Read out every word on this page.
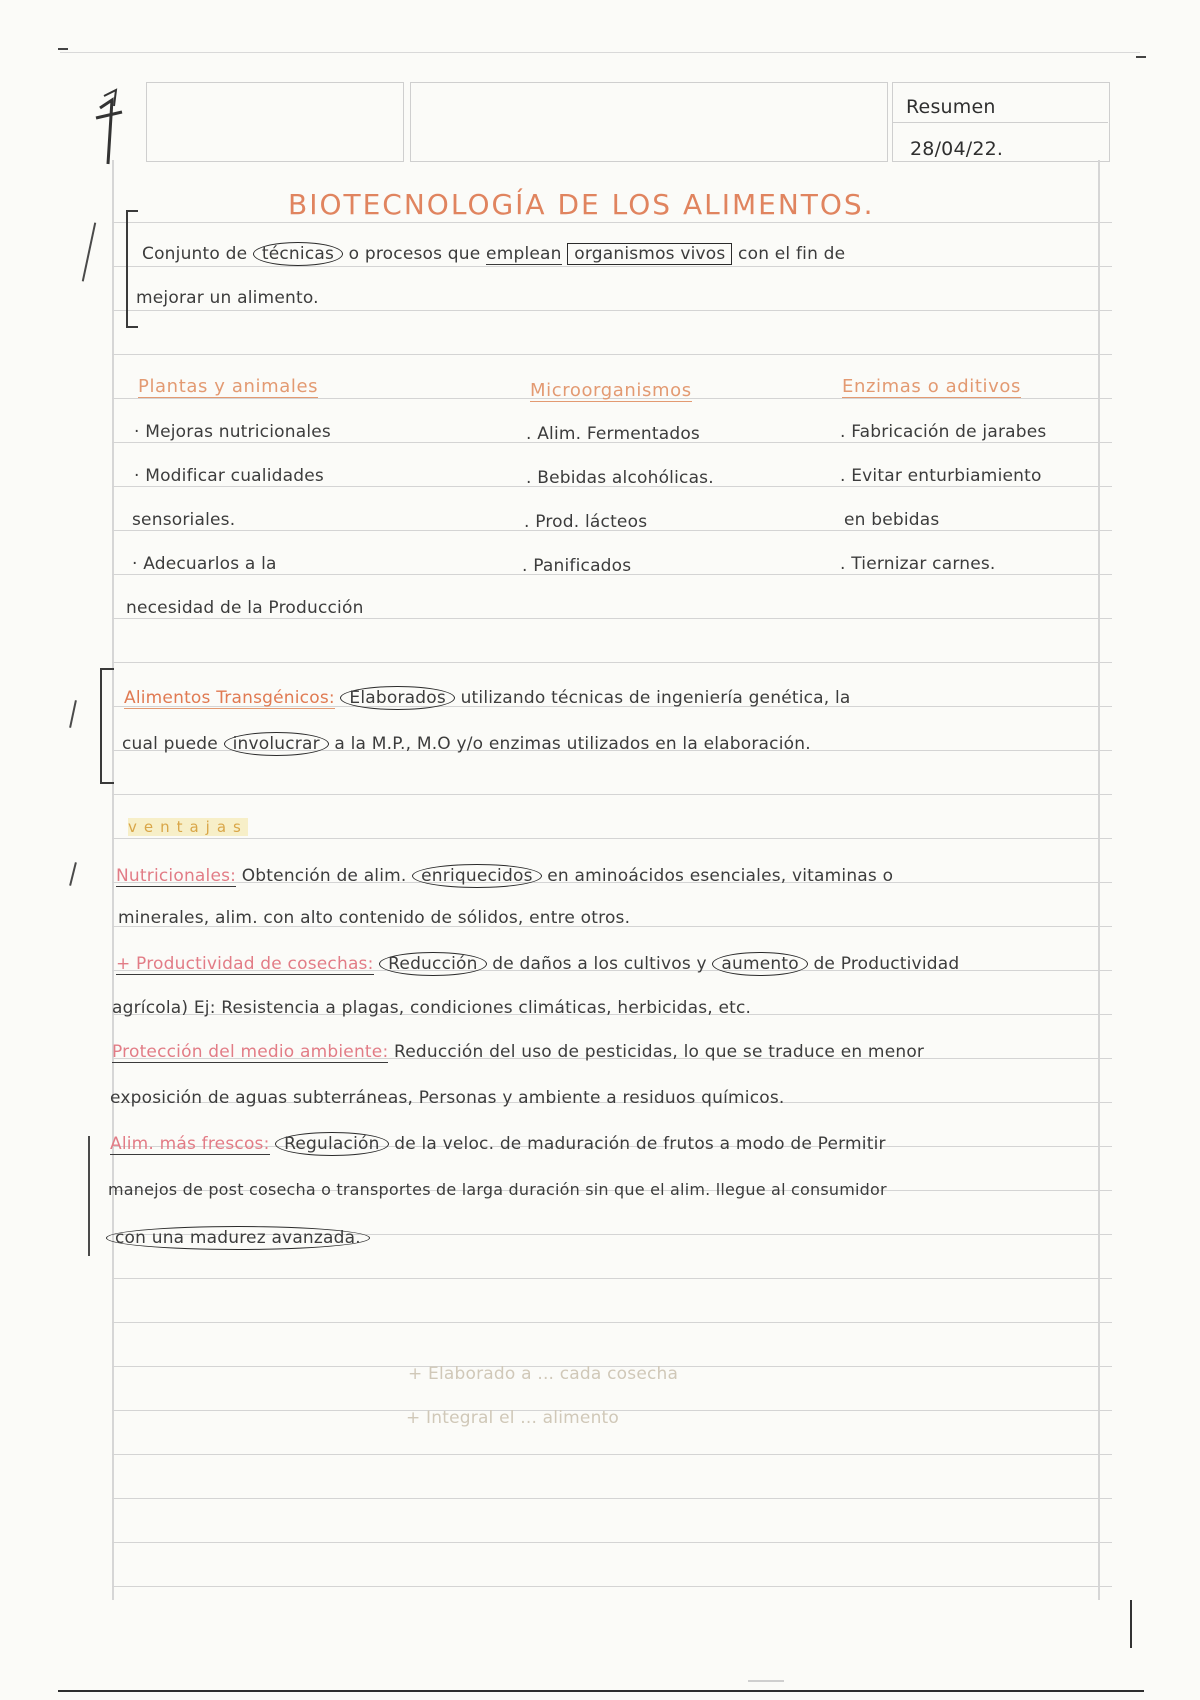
Resumen
28/04/22.
BIOTECNOLOGÍA DE LOS ALIMENTOS.
Conjunto de técnicas o procesos que emplean organismos vivos con el fin de
mejorar un alimento.
Plantas y animales	Microorganismos	Enzimas o aditivos
· Mejoras nutricionales
· Modificar cualidades
sensoriales.
· Adecuarlos a la
necesidad de la Producción
. Alim. Fermentados
. Bebidas alcohólicas.
. Prod. lácteos
. Panificados
. Fabricación de jarabes
. Evitar enturbiamiento
en bebidas
. Tiernizar carnes.
Alimentos Transgénicos: Elaborados utilizando técnicas de ingeniería genética, la
cual puede involucrar a la M.P., M.O y/o enzimas utilizados en la elaboración.
ventajas
Nutricionales: Obtención de alim. enriquecidos en aminoácidos esenciales, vitaminas o
minerales, alim. con alto contenido de sólidos, entre otros.
+ Productividad de cosechas: Reducción de daños a los cultivos y aumento de Productividad
agrícola) Ej: Resistencia a plagas, condiciones climáticas, herbicidas, etc.
Protección del medio ambiente: Reducción del uso de pesticidas, lo que se traduce en menor
exposición de aguas subterráneas, Personas y ambiente a residuos químicos.
Alim. más frescos: Regulación de la veloc. de maduración de frutos a modo de Permitir
manejos de post cosecha o transportes de larga duración sin que el alim. llegue al consumidor
con una madurez avanzada.
+ Elaborado a ... cada cosecha
+ Integral el ... alimento
